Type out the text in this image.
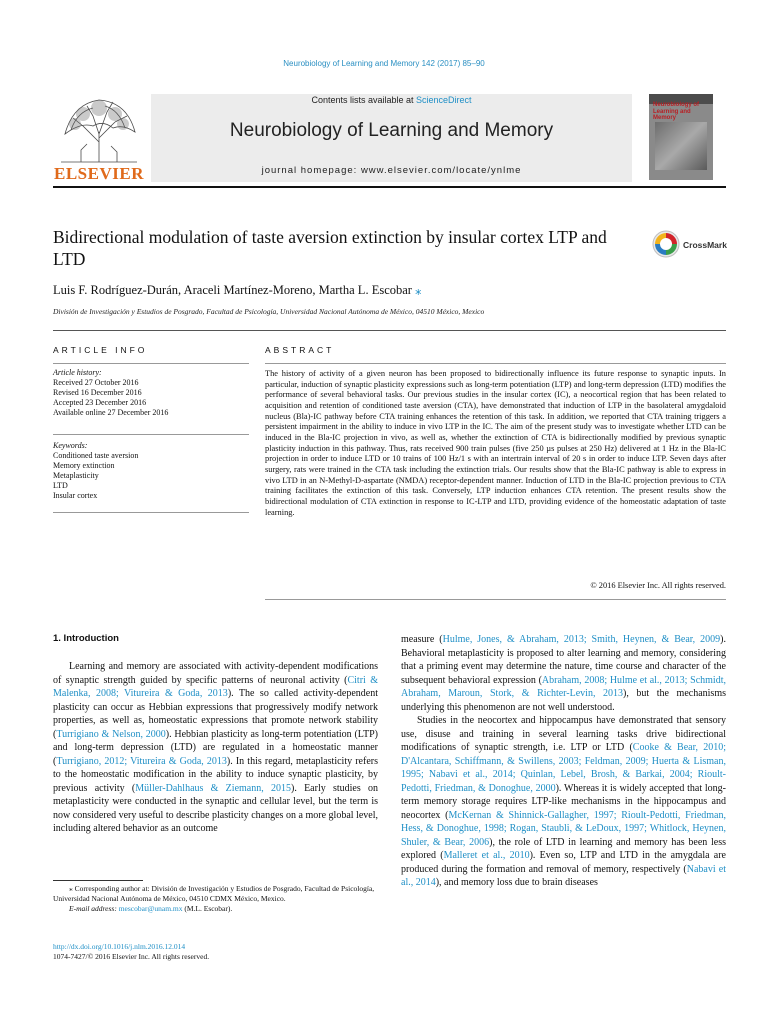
Neurobiology of Learning and Memory 142 (2017) 85–90
ELSEVIER
Contents lists available at ScienceDirect
Neurobiology of Learning and Memory
journal homepage: www.elsevier.com/locate/ynlme
Neurobiology of Learning and Memory
Bidirectional modulation of taste aversion extinction by insular cortex LTP and LTD
CrossMark
Luis F. Rodríguez-Durán, Araceli Martínez-Moreno, Martha L. Escobar ⁎
División de Investigación y Estudios de Posgrado, Facultad de Psicología, Universidad Nacional Autónoma de México, 04510 México, Mexico
ARTICLE INFO	ABSTRACT
Article history:
Received 27 October 2016
Revised 16 December 2016
Accepted 23 December 2016
Available online 27 December 2016
Keywords:
Conditioned taste aversion
Memory extinction
Metaplasticity
LTD
Insular cortex
The history of activity of a given neuron has been proposed to bidirectionally influence its future response to synaptic inputs. In particular, induction of synaptic plasticity expressions such as long-term potentiation (LTP) and long-term depression (LTD) modifies the performance of several behavioral tasks. Our previous studies in the insular cortex (IC), a neocortical region that has been related to acquisition and retention of conditioned taste aversion (CTA), have demonstrated that induction of LTP in the basolateral amygdaloid nucleus (Bla)-IC pathway before CTA training enhances the retention of this task. In addition, we reported that CTA training triggers a persistent impairment in the ability to induce in vivo LTP in the IC. The aim of the present study was to investigate whether LTD can be induced in the Bla-IC projection in vivo, as well as, whether the extinction of CTA is bidirectionally modified by previous synaptic plasticity induction in this pathway. Thus, rats received 900 train pulses (five 250 µs pulses at 250 Hz) delivered at 1 Hz in the Bla-IC projection in order to induce LTD or 10 trains of 100 Hz/1 s with an intertrain interval of 20 s in order to induce LTP. Seven days after surgery, rats were trained in the CTA task including the extinction trials. Our results show that the Bla-IC pathway is able to express in vivo LTD in an N-Methyl-D-aspartate (NMDA) receptor-dependent manner. Induction of LTD in the Bla-IC projection previous to CTA training facilitates the extinction of this task. Conversely, LTP induction enhances CTA retention. The present results show the bidirectional modulation of CTA extinction in response to IC-LTP and LTD, providing evidence of the homeostatic adaptation of taste learning.
© 2016 Elsevier Inc. All rights reserved.
1. Introduction

Learning and memory are associated with activity-dependent modifications of synaptic strength guided by specific patterns of neuronal activity (Citri & Malenka, 2008; Vitureira & Goda, 2013). The so called activity-dependent plasticity can occur as Hebbian expressions that progressively modify network properties, as well as, homeostatic expressions that promote network stability (Turrigiano & Nelson, 2000). Hebbian plasticity as long-term potentiation (LTP) and long-term depression (LTD) are regulated in a homeostatic manner (Turrigiano, 2012; Vitureira & Goda, 2013). In this regard, metaplasticity refers to the homeostatic modification in the ability to induce synaptic plasticity, by previous activity (Müller-Dahlhaus & Ziemann, 2015). Early studies on metaplasticity were conducted in the synaptic and cellular level, but the term is now considered very useful to describe plasticity changes on a more global level, including altered behavior as an outcome

measure (Hulme, Jones, & Abraham, 2013; Smith, Heynen, & Bear, 2009). Behavioral metaplasticity is proposed to alter learning and memory, considering that a priming event may determine the nature, time course and character of the subsequent behavioral expression (Abraham, 2008; Hulme et al., 2013; Schmidt, Abraham, Maroun, Stork, & Richter-Levin, 2013), but the mechanisms underlying this phenomenon are not well understood.

Studies in the neocortex and hippocampus have demonstrated that sensory use, disuse and training in several learning tasks drive bidirectional modifications of synaptic strength, i.e. LTP or LTD (Cooke & Bear, 2010; D'Alcantara, Schiffmann, & Swillens, 2003; Feldman, 2009; Huerta & Lisman, 1995; Nabavi et al., 2014; Quinlan, Lebel, Brosh, & Barkai, 2004; Rioult-Pedotti, Friedman, & Donoghue, 2000). Whereas it is widely accepted that long-term memory storage requires LTP-like mechanisms in the hippocampus and neocortex (McKernan & Shinnick-Gallagher, 1997; Rioult-Pedotti, Friedman, Hess, & Donoghue, 1998; Rogan, Staubli, & LeDoux, 1997; Whitlock, Heynen, Shuler, & Bear, 2006), the role of LTD in learning and memory has been less explored (Malleret et al., 2010). Even so, LTP and LTD in the amygdala are produced during the formation and removal of memory, respectively (Nabavi et al., 2014), and memory loss due to brain diseases

⁎ Corresponding author at: División de Investigación y Estudios de Posgrado, Facultad de Psicología, Universidad Nacional Autónoma de México, 04510 CDMX México, Mexico.

E-mail address: mescobar@unam.mx (M.L. Escobar).

http://dx.doi.org/10.1016/j.nlm.2016.12.014
1074-7427/© 2016 Elsevier Inc. All rights reserved.
